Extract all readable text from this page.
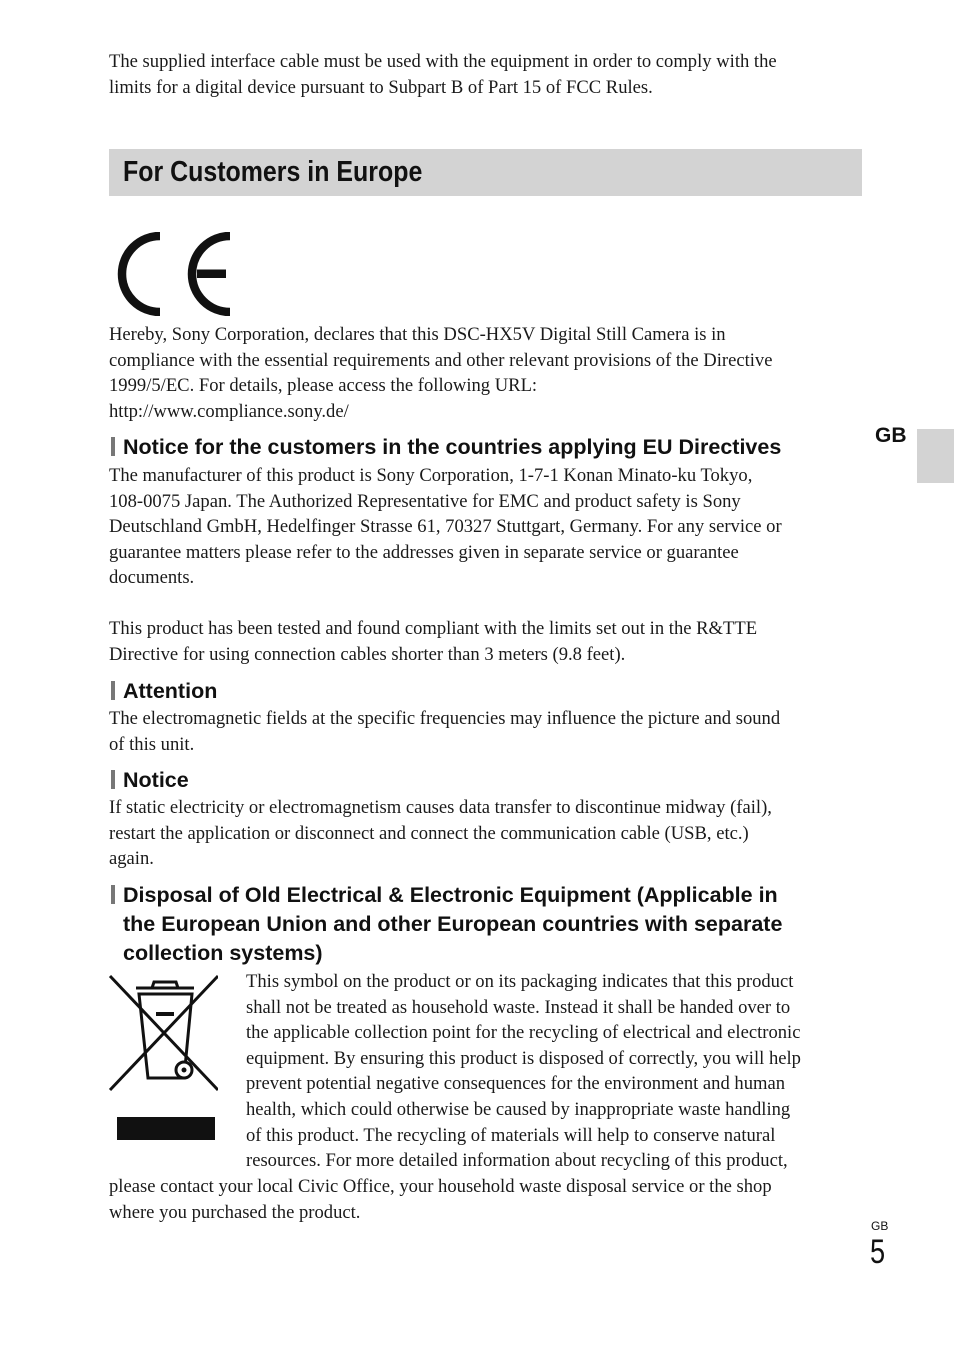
The supplied interface cable must be used with the equipment in order to comply with the
limits for a digital device pursuant to Subpart B of Part 15 of FCC Rules.

For Customers in Europe

Hereby, Sony Corporation, declares that this DSC-HX5V Digital Still Camera is in
compliance with the essential requirements and other relevant provisions of the Directive
1999/5/EC. For details, please access the following URL:
http://www.compliance.sony.de/

GB
Notice for the customers in the countries applying EU Directives

The manufacturer of this product is Sony Corporation, 1-7-1 Konan Minato-ku Tokyo,
108-0075 Japan. The Authorized Representative for EMC and product safety is Sony
Deutschland GmbH, Hedelfinger Strasse 61, 70327 Stuttgart, Germany. For any service or
guarantee matters please refer to the addresses given in separate service or guarantee
documents.

This product has been tested and found compliant with the limits set out in the R&TTE
Directive for using connection cables shorter than 3 meters (9.8 feet).

Attention

The electromagnetic fields at the specific frequencies may influence the picture and sound
of this unit.

Notice

If static electricity or electromagnetism causes data transfer to discontinue midway (fail),
restart the application or disconnect and connect the communication cable (USB, etc.)
again.

Disposal of Old Electrical & Electronic Equipment (Applicable in
the European Union and other European countries with separate
collection systems)

This symbol on the product or on its packaging indicates that this product
shall not be treated as household waste. Instead it shall be handed over to
the applicable collection point for the recycling of electrical and electronic
equipment. By ensuring this product is disposed of correctly, you will help
prevent potential negative consequences for the environment and human
health, which could otherwise be caused by inappropriate waste handling
of this product. The recycling of materials will help to conserve natural
resources. For more detailed information about recycling of this product,

please contact your local Civic Office, your household waste disposal service or the shop
where you purchased the product.

GB
5
